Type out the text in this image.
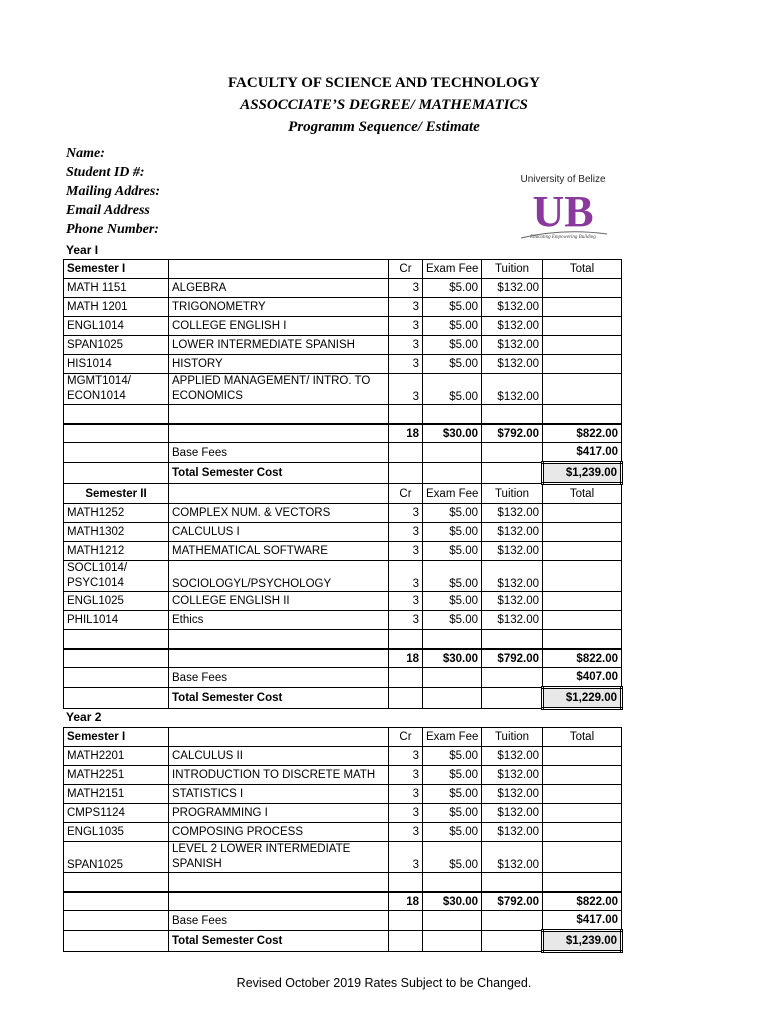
FACULTY OF SCIENCE AND TECHNOLOGY
ASSOCCIATE’S DEGREE/ MATHEMATICS
Programm Sequence/ Estimate
Name:
Student ID #:
Mailing Addres:
Email Address
Phone Number:
University of Belize
UB
Educating Empowering Building
Year I
Semester I		Cr	Exam Fee	Tuition	Total
MATH 1151	ALGEBRA	3	$5.00	$132.00	
MATH 1201	TRIGONOMETRY	3	$5.00	$132.00	
ENGL1014	COLLEGE ENGLISH I	3	$5.00	$132.00	
SPAN1025	LOWER INTERMEDIATE SPANISH	3	$5.00	$132.00	
HIS1014	HISTORY	3	$5.00	$132.00	
MGMT1014/ ECON1014	APPLIED MANAGEMENT/ INTRO. TO ECONOMICS	3	$5.00	$132.00	

		18	$30.00	$792.00	$822.00
	Base Fees				$417.00
	Total Semester Cost				$1,239.00
Semester II		Cr	Exam Fee	Tuition	Total
MATH1252	COMPLEX NUM. & VECTORS	3	$5.00	$132.00	
MATH1302	CALCULUS I	3	$5.00	$132.00	
MATH1212	MATHEMATICAL SOFTWARE	3	$5.00	$132.00	
SOCL1014/ PSYC1014	SOCIOLOGYL/PSYCHOLOGY	3	$5.00	$132.00	
ENGL1025	COLLEGE ENGLISH II	3	$5.00	$132.00	
PHIL1014	Ethics	3	$5.00	$132.00	

		18	$30.00	$792.00	$822.00
	Base Fees				$407.00
	Total Semester Cost				$1,229.00
Year 2
Semester I		Cr	Exam Fee	Tuition	Total
MATH2201	CALCULUS II	3	$5.00	$132.00	
MATH2251	INTRODUCTION TO DISCRETE MATH	3	$5.00	$132.00	
MATH2151	STATISTICS I	3	$5.00	$132.00	
CMPS1124	PROGRAMMING I	3	$5.00	$132.00	
ENGL1035	COMPOSING PROCESS	3	$5.00	$132.00	
SPAN1025	LEVEL 2 LOWER INTERMEDIATE SPANISH	3	$5.00	$132.00	

		18	$30.00	$792.00	$822.00
	Base Fees				$417.00
	Total Semester Cost				$1,239.00
Revised October 2019 Rates Subject to be Changed.
